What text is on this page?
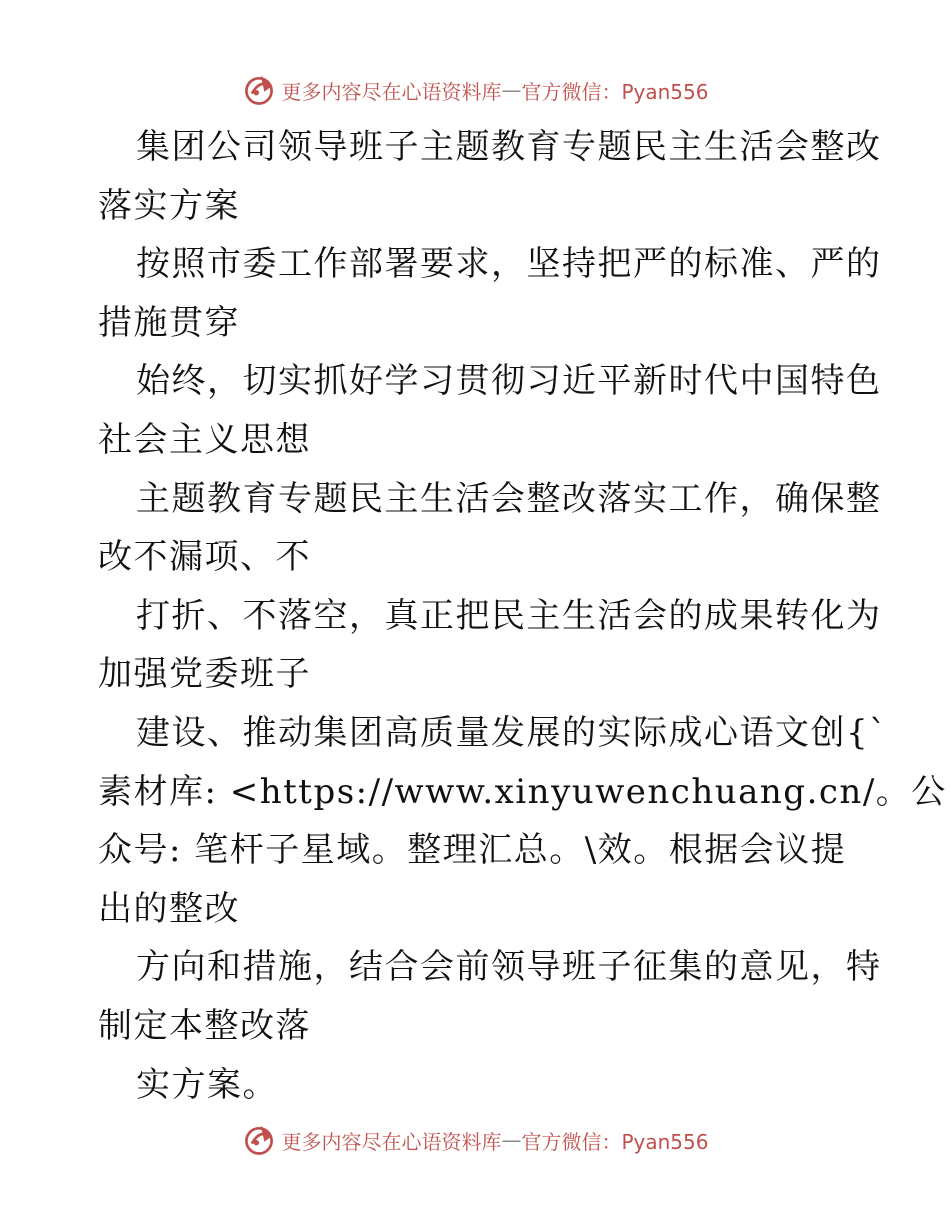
更多内容尽在心语资料库 — 官方微信：Pyan556
集团公司领导班子主题教育专题民主生活会整改
落实方案
按照市委工作部署要求，坚持把严的标准、严的
措施贯穿
始终，切实抓好学习贯彻习近平新时代中国特色
社会主义思想
主题教育专题民主生活会整改落实工作，确保整
改不漏项、不
打折、不落空，真正把民主生活会的成果转化为
加强党委班子
建设、推动集团高质量发展的实际成心语文创{`
素材库: <https://www.xinyuwenchuang.cn/。公
众号: 笔杆子星域。整理汇总。\效。根据会议提
出的整改
方向和措施，结合会前领导班子征集的意见，特
制定本整改落
实方案。
更多内容尽在心语资料库 — 官方微信：Pyan556
